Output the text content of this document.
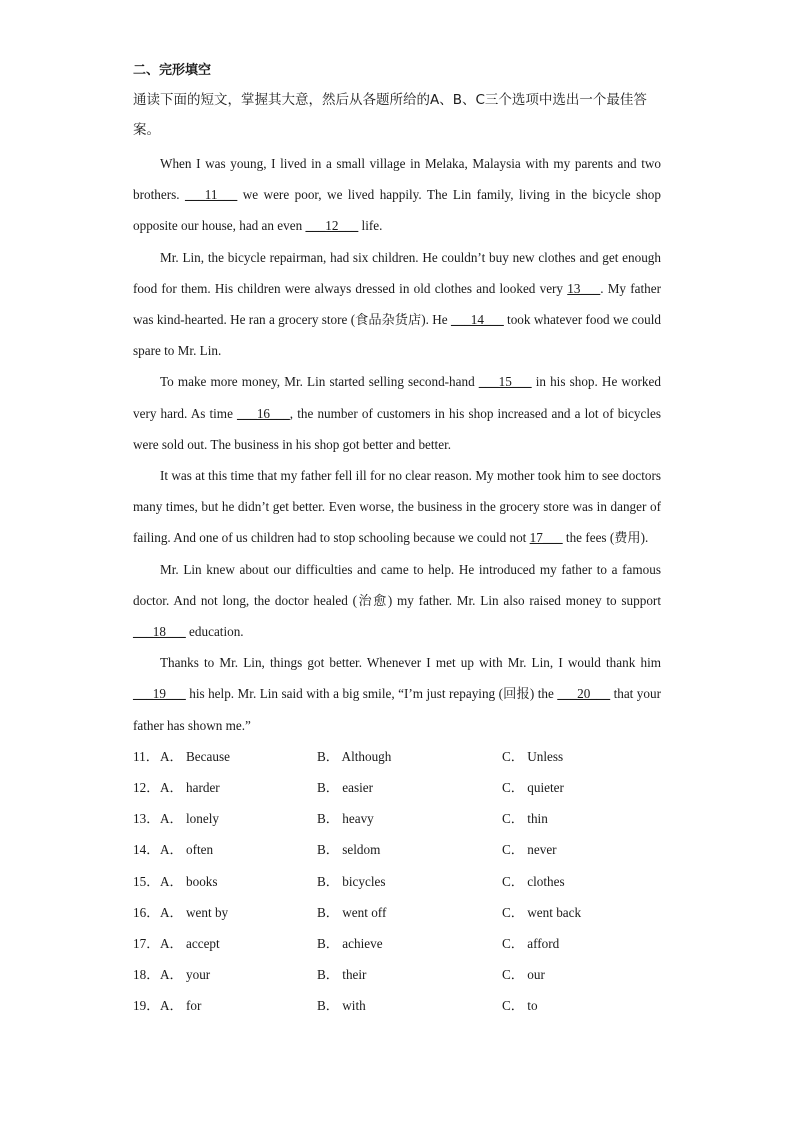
二、完形填空
通读下面的短文，掌握其大意，然后从各题所给的A、B、C三个选项中选出一个最佳答案。

When I was young, I lived in a small village in Melaka, Malaysia with my parents and two brothers. ___11___ we were poor, we lived happily. The Lin family, living in the bicycle shop opposite our house, had an even ___12___ life.

Mr. Lin, the bicycle repairman, had six children. He couldn’t buy new clothes and get enough food for them. His children were always dressed in old clothes and looked very 13___. My father was kind-hearted. He ran a grocery store (食品杂货店). He ___14___ took whatever food we could spare to Mr. Lin.

To make more money, Mr. Lin started selling second-hand ___15___ in his shop. He worked very hard. As time ___16___, the number of customers in his shop increased and a lot of bicycles were sold out. The business in his shop got better and better.

It was at this time that my father fell ill for no clear reason. My mother took him to see doctors many times, but he didn’t get better. Even worse, the business in the grocery store was in danger of failing. And one of us children had to stop schooling because we could not 17___ the fees (费用).

Mr. Lin knew about our difficulties and came to help. He introduced my father to a famous doctor. And not long, the doctor healed (治愈) my father. Mr. Lin also raised money to support ___18___ education.

Thanks to Mr. Lin, things got better. Whenever I met up with Mr. Lin, I would thank him ___19___ his help. Mr. Lin said with a big smile, “I’m just repaying (回报) the ___20___ that your father has shown me.”

11． A． Because	B． Although	C． Unless
12． A． harder	B． easier	C． quieter
13． A． lonely	B． heavy	C． thin
14． A． often	B． seldom	C． never
15． A． books	B． bicycles	C． clothes
16． A． went by	B． went off	C． went back
17． A． accept	B． achieve	C． afford
18． A． your	B． their	C． our
19． A． for	B． with	C． to
